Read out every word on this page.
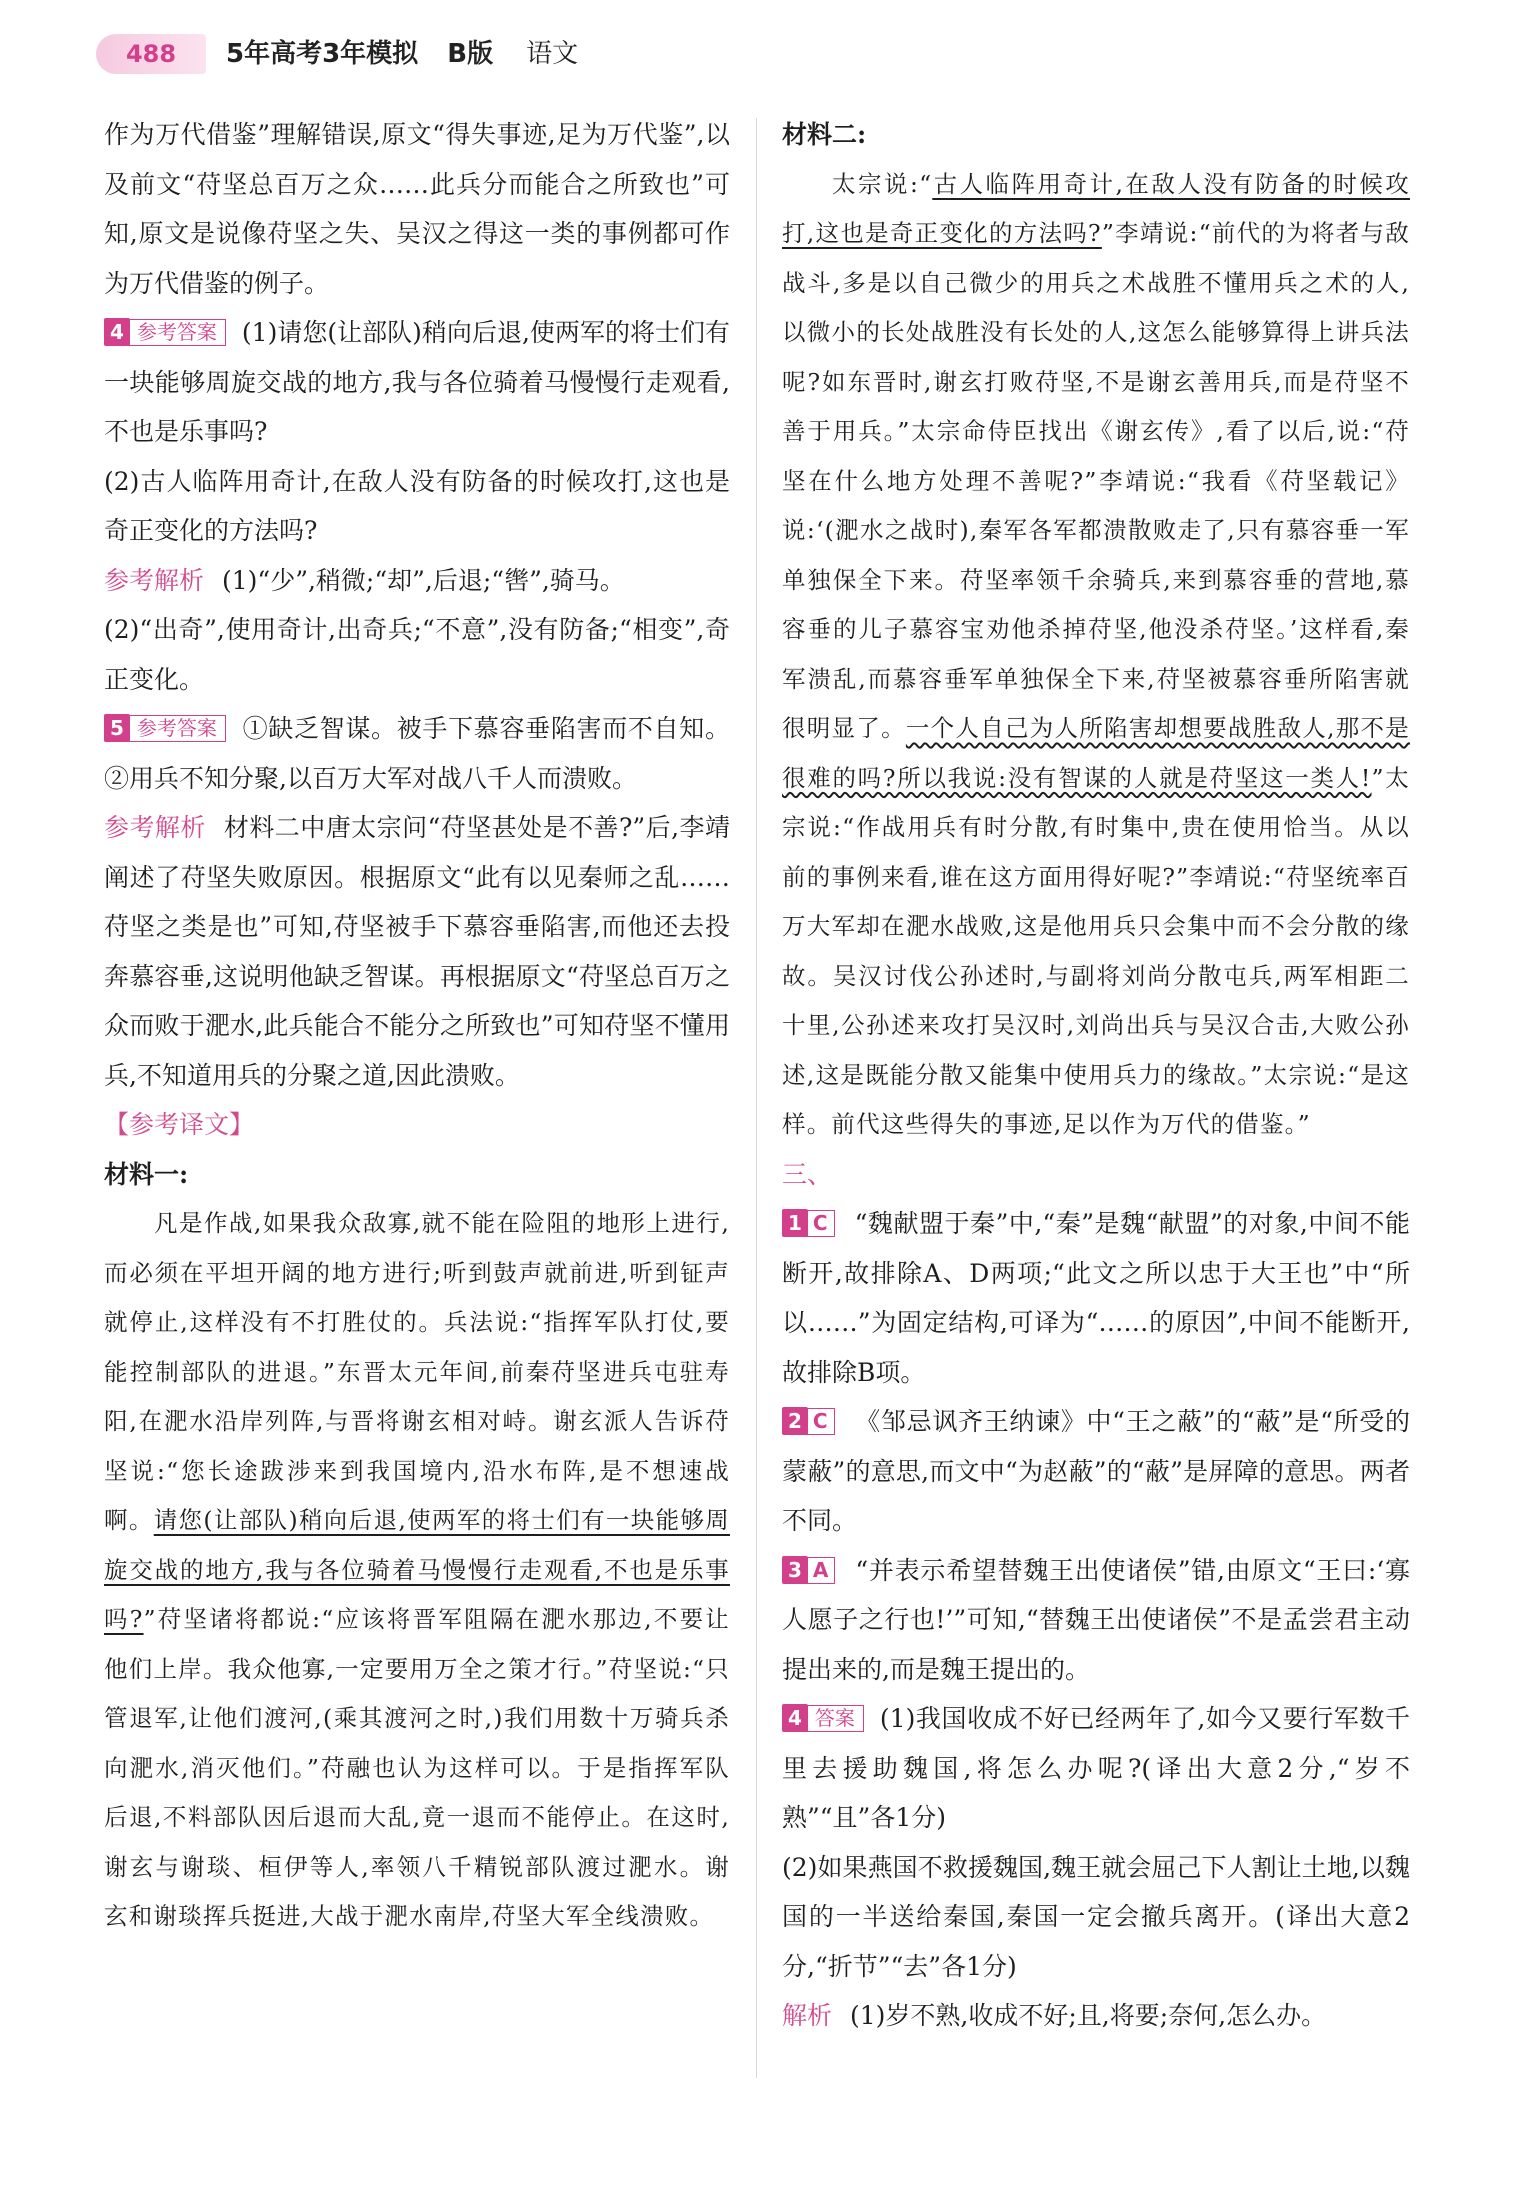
488	5年高考3年模拟 B版 语文

作为万代借鉴”理解错误,原文“得失事迹,足为万代鉴”,以及前文“苻坚总百万之众……此兵分而能合之所致也”可知,原文是说像苻坚之失、吴汉之得这一类的事例都可作为万代借鉴的例子。

4 参考答案 (1)请您(让部队)稍向后退,使两军的将士们有一块能够周旋交战的地方,我与各位骑着马慢慢行走观看,不也是乐事吗?

(2)古人临阵用奇计,在敌人没有防备的时候攻打,这也是奇正变化的方法吗?

参考解析 (1)“少”,稍微;“却”,后退;“辔”,骑马。

(2)“出奇”,使用奇计,出奇兵;“不意”,没有防备;“相变”,奇正变化。

5 参考答案 ①缺乏智谋。被手下慕容垂陷害而不自知。②用兵不知分聚,以百万大军对战八千人而溃败。

参考解析 材料二中唐太宗问“苻坚甚处是不善?”后,李靖阐述了苻坚失败原因。根据原文“此有以见秦师之乱……苻坚之类是也”可知,苻坚被手下慕容垂陷害,而他还去投奔慕容垂,这说明他缺乏智谋。再根据原文“苻坚总百万之众而败于淝水,此兵能合不能分之所致也”可知苻坚不懂用兵,不知道用兵的分聚之道,因此溃败。

【参考译文】

材料一:

凡是作战,如果我众敌寡,就不能在险阻的地形上进行,而必须在平坦开阔的地方进行;听到鼓声就前进,听到钲声就停止,这样没有不打胜仗的。兵法说:“指挥军队打仗,要能控制部队的进退。”东晋太元年间,前秦苻坚进兵屯驻寿阳,在淝水沿岸列阵,与晋将谢玄相对峙。谢玄派人告诉苻坚说:“您长途跋涉来到我国境内,沿水布阵,是不想速战啊。请您(让部队)稍向后退,使两军的将士们有一块能够周旋交战的地方,我与各位骑着马慢慢行走观看,不也是乐事吗?”苻坚诸将都说:“应该将晋军阻隔在淝水那边,不要让他们上岸。我众他寡,一定要用万全之策才行。”苻坚说:“只管退军,让他们渡河,(乘其渡河之时,)我们用数十万骑兵杀向淝水,消灭他们。”苻融也认为这样可以。于是指挥军队后退,不料部队因后退而大乱,竟一退而不能停止。在这时,谢玄与谢琰、桓伊等人,率领八千精锐部队渡过淝水。谢玄和谢琰挥兵挺进,大战于淝水南岸,苻坚大军全线溃败。

材料二:

太宗说:“古人临阵用奇计,在敌人没有防备的时候攻打,这也是奇正变化的方法吗?”李靖说:“前代的为将者与敌战斗,多是以自己微少的用兵之术战胜不懂用兵之术的人,以微小的长处战胜没有长处的人,这怎么能够算得上讲兵法呢?如东晋时,谢玄打败苻坚,不是谢玄善用兵,而是苻坚不善于用兵。”太宗命侍臣找出《谢玄传》,看了以后,说:“苻坚在什么地方处理不善呢?”李靖说:“我看《苻坚载记》说:‘(淝水之战时),秦军各军都溃散败走了,只有慕容垂一军单独保全下来。苻坚率领千余骑兵,来到慕容垂的营地,慕容垂的儿子慕容宝劝他杀掉苻坚,他没杀苻坚。’这样看,秦军溃乱,而慕容垂军单独保全下来,苻坚被慕容垂所陷害就很明显了。一个人自己为人所陷害却想要战胜敌人,那不是很难的吗?所以我说:没有智谋的人就是苻坚这一类人!”太宗说:“作战用兵有时分散,有时集中,贵在使用恰当。从以前的事例来看,谁在这方面用得好呢?”李靖说:“苻坚统率百万大军却在淝水战败,这是他用兵只会集中而不会分散的缘故。吴汉讨伐公孙述时,与副将刘尚分散屯兵,两军相距二十里,公孙述来攻打吴汉时,刘尚出兵与吴汉合击,大败公孙述,这是既能分散又能集中使用兵力的缘故。”太宗说:“是这样。前代这些得失的事迹,足以作为万代的借鉴。”

三、

1 C “魏献盟于秦”中,“秦”是魏“献盟”的对象,中间不能断开,故排除A、D两项;“此文之所以忠于大王也”中“所以……”为固定结构,可译为“……的原因”,中间不能断开,故排除B项。

2 C 《邹忌讽齐王纳谏》中“王之蔽”的“蔽”是“所受的蒙蔽”的意思,而文中“为赵蔽”的“蔽”是屏障的意思。两者不同。

3 A “并表示希望替魏王出使诸侯”错,由原文“王曰:‘寡人愿子之行也!’”可知,“替魏王出使诸侯”不是孟尝君主动提出来的,而是魏王提出的。

4 答案 (1)我国收成不好已经两年了,如今又要行军数千里去援助魏国,将怎么办呢?(译出大意2分,“岁不熟”“且”各1分)

(2)如果燕国不救援魏国,魏王就会屈己下人割让土地,以魏国的一半送给秦国,秦国一定会撤兵离开。(译出大意2分,“折节”“去”各1分)

解析 (1)岁不熟,收成不好;且,将要;奈何,怎么办。
